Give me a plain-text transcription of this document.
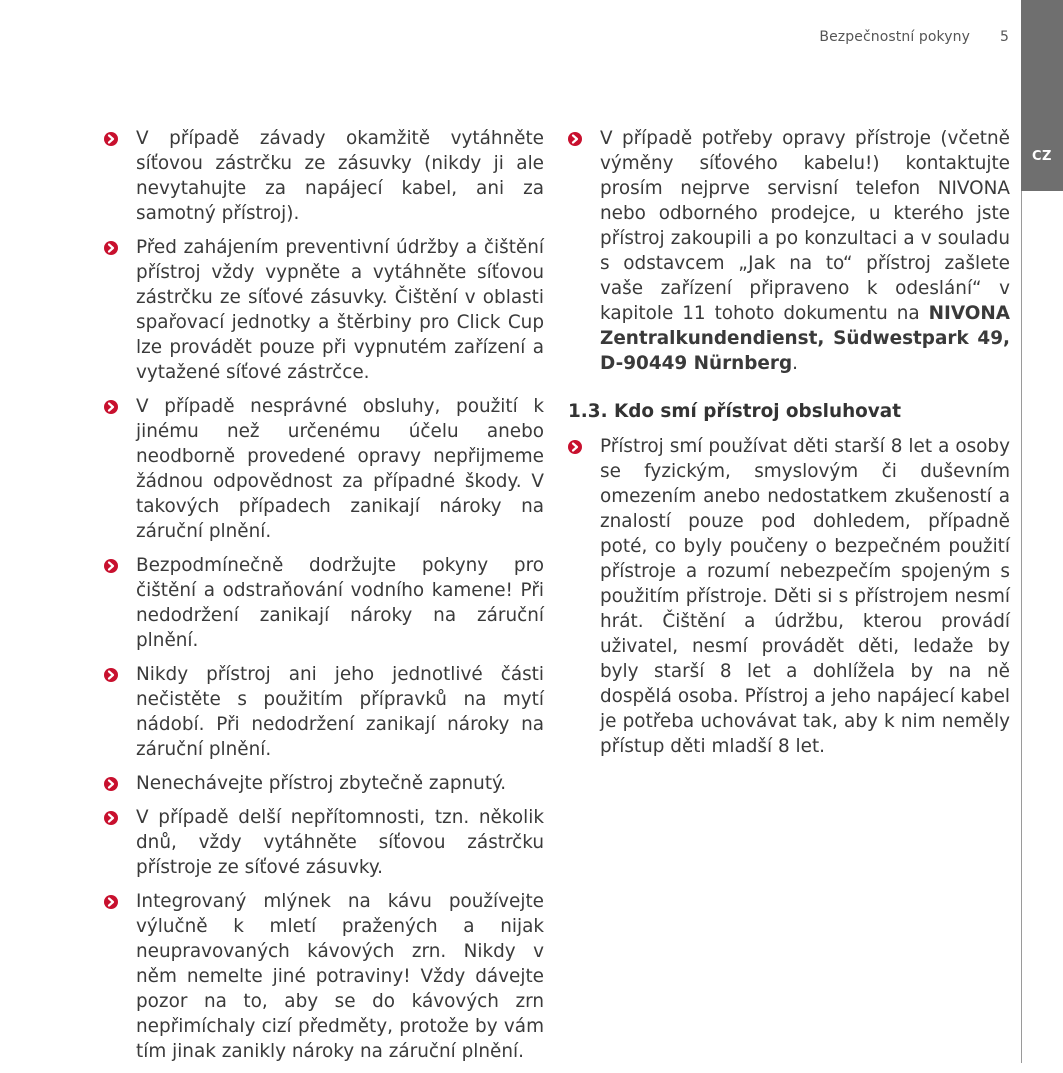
Bezpečnostní pokyny 5
CZ

V případě závady okamžitě vytáhněte síťovou zástrčku ze zásuvky (nikdy ji ale nevytahujte za napájecí kabel, ani za samotný přístroj).

Před zahájením preventivní údržby a čištění přístroj vždy vypněte a vytáhněte síťovou zástrčku ze síťové zásuvky. Čištění v oblasti spařovací jednotky a štěrbiny pro Click Cup lze provádět pouze při vypnutém zařízení a vytažené síťové zástrčce.

V případě nesprávné obsluhy, použití k jinému než určenému účelu anebo neodborně provedené opravy nepřijmeme žádnou odpovědnost za případné škody. V takových případech zanikají nároky na záruční plnění.

Bezpodmínečně dodržujte pokyny pro čištění a odstraňování vodního kamene! Při nedodržení zanikají nároky na záruční plnění.

Nikdy přístroj ani jeho jednotlivé části nečistěte s použitím přípravků na mytí nádobí. Při nedodržení zanikají nároky na záruční plnění.

Nenechávejte přístroj zbytečně zapnutý.

V případě delší nepřítomnosti, tzn. několik dnů, vždy vytáhněte síťovou zástrčku přístroje ze síťové zásuvky.

Integrovaný mlýnek na kávu používejte výlučně k mletí pražených a nijak neupravovaných kávových zrn. Nikdy v něm nemelte jiné potraviny! Vždy dávejte pozor na to, aby se do kávových zrn nepřimíchaly cizí předměty, protože by vám tím jinak zanikly nároky na záruční plnění.

V případě potřeby opravy přístroje (včetně výměny síťového kabelu!) kontaktujte prosím nejprve servisní telefon NIVONA nebo odborného prodejce, u kterého jste přístroj zakoupili a po konzultaci a v souladu s odstavcem „Jak na to“ přístroj zašlete vaše zařízení připraveno k odeslání“ v kapitole 11 tohoto dokumentu na NIVONA Zentralkundendienst, Südwestpark 49, D-90449 Nürnberg.

1.3. Kdo smí přístroj obsluhovat

Přístroj smí používat děti starší 8 let a osoby se fyzickým, smyslovým či duševním omezením anebo nedostatkem zkušeností a znalostí pouze pod dohledem, případně poté, co byly poučeny o bezpečném použití přístroje a rozumí nebezpečím spojeným s použitím přístroje. Děti si s přístrojem nesmí hrát. Čištění a údržbu, kterou provádí uživatel, nesmí provádět děti, ledaže by byly starší 8 let a dohlížela by na ně dospělá osoba. Přístroj a jeho napájecí kabel je potřeba uchovávat tak, aby k nim neměly přístup děti mladší 8 let.
